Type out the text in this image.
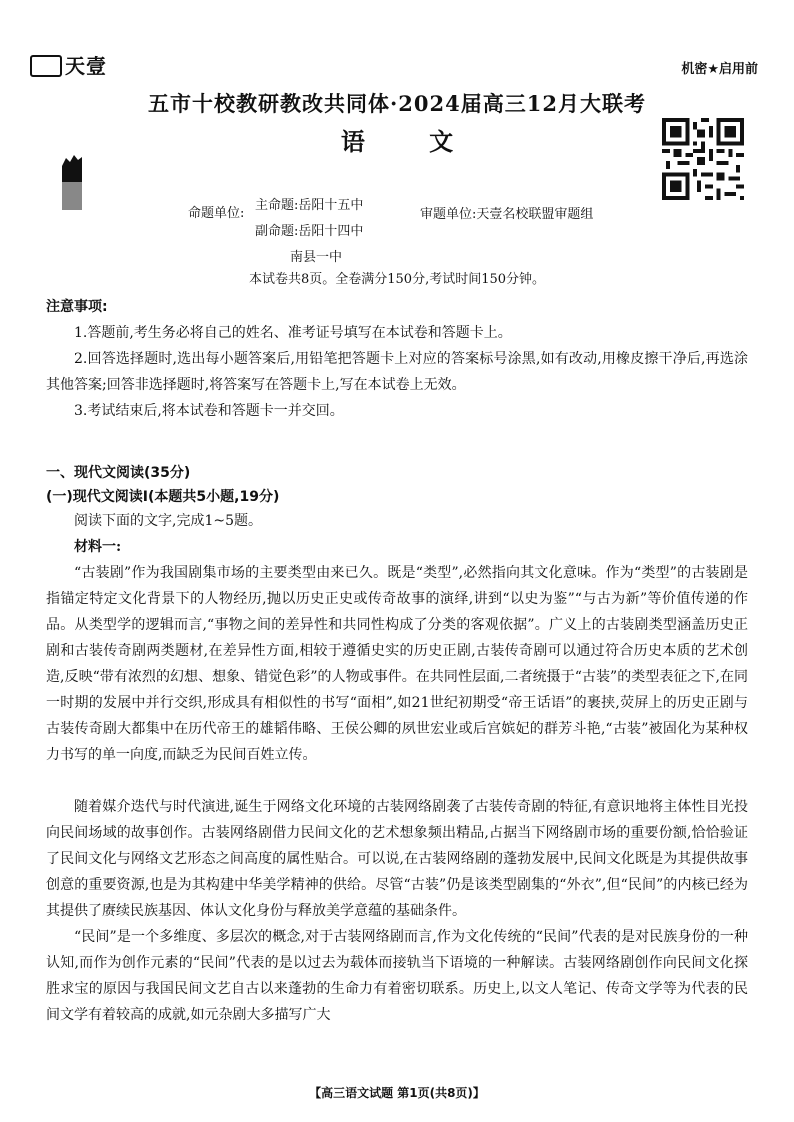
天壹	机密★启用前
五市十校教研教改共同体·2024届高三12月大联考
语 文
命题单位:
主命题:岳阳十五中
副命题:岳阳十四中
南县一中
审题单位:天壹名校联盟审题组
本试卷共8页。全卷满分150分,考试时间150分钟。
注意事项:
1.答题前,考生务必将自己的姓名、准考证号填写在本试卷和答题卡上。
2.回答选择题时,选出每小题答案后,用铅笔把答题卡上对应的答案标号涂黑,如有改动,用橡皮擦干净后,再选涂其他答案;回答非选择题时,将答案写在答题卡上,写在本试卷上无效。
3.考试结束后,将本试卷和答题卡一并交回。
一、现代文阅读(35分)
(一)现代文阅读Ⅰ(本题共5小题,19分)
阅读下面的文字,完成1~5题。
材料一:
“古装剧”作为我国剧集市场的主要类型由来已久。既是“类型”,必然指向其文化意味。作为“类型”的古装剧是指锚定特定文化背景下的人物经历,抛以历史正史或传奇故事的演绎,讲到“以史为鉴”“与古为新”等价值传递的作品。从类型学的逻辑而言,“事物之间的差异性和共同性构成了分类的客观依据”。广义上的古装剧类型涵盖历史正剧和古装传奇剧两类题材,在差异性方面,相较于遵循史实的历史正剧,古装传奇剧可以通过符合历史本质的艺术创造,反映“带有浓烈的幻想、想象、错觉色彩”的人物或事件。在共同性层面,二者统摄于“古装”的类型表征之下,在同一时期的发展中并行交织,形成具有相似性的书写“面相”,如21世纪初期受“帝王话语”的裹挟,荧屏上的历史正剧与古装传奇剧大都集中在历代帝王的雄韬伟略、王侯公卿的夙世宏业或后宫嫔妃的群芳斗艳,“古装”被固化为某种权力书写的单一向度,而缺乏为民间百姓立传。
随着媒介迭代与时代演进,诞生于网络文化环境的古装网络剧袭了古装传奇剧的特征,有意识地将主体性目光投向民间场域的故事创作。古装网络剧借力民间文化的艺术想象频出精品,占据当下网络剧市场的重要份额,恰恰验证了民间文化与网络文艺形态之间高度的属性贴合。可以说,在古装网络剧的蓬勃发展中,民间文化既是为其提供故事创意的重要资源,也是为其构建中华美学精神的供给。尽管“古装”仍是该类型剧集的“外衣”,但“民间”的内核已经为其提供了赓续民族基因、体认文化身份与释放美学意蕴的基础条件。
“民间”是一个多维度、多层次的概念,对于古装网络剧而言,作为文化传统的“民间”代表的是对民族身份的一种认知,而作为创作元素的“民间”代表的是以过去为载体而接轨当下语境的一种解读。古装网络剧创作向民间文化探胜求宝的原因与我国民间文艺自古以来蓬勃的生命力有着密切联系。历史上,以文人笔记、传奇文学等为代表的民间文学有着较高的成就,如元杂剧大多描写广大
【高三语文试题 第1页(共8页)】
